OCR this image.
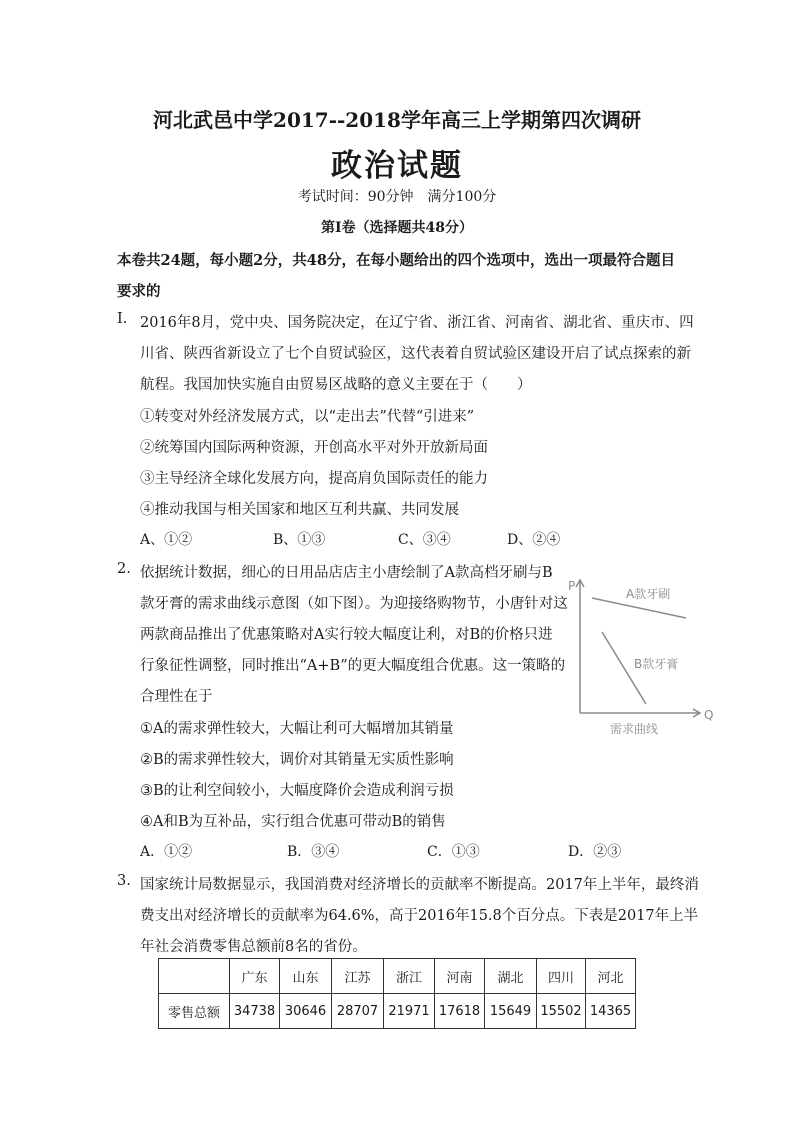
河北武邑中学2017--2018学年高三上学期第四次调研
政治试题
考试时间：90分钟　满分100分
第Ⅰ卷（选择题共48分）
本卷共24题，每小题2分，共48分，在每小题给出的四个选项中，选出一项最符合题目
要求的
Ⅰ. 2016年8月，党中央、国务院决定，在辽宁省、浙江省、河南省、湖北省、重庆市、四
川省、陕西省新设立了七个自贸试验区，这代表着自贸试验区建设开启了试点探索的新
航程。我国加快实施自由贸易区战略的意义主要在于（　　）
①转变对外经济发展方式，以“走出去”代替“引进来”
②统筹国内国际两种资源，开创高水平对外开放新局面
③主导经济全球化发展方向，提高肩负国际责任的能力
④推动我国与相关国家和地区互利共赢、共同发展
A、①②	B、①③	C、③④	D、②④
2. 依据统计数据，细心的日用品店店主小唐绘制了A款高档牙刷与B
款牙膏的需求曲线示意图（如下图）。为迎接络购物节，小唐针对这
两款商品推出了优惠策略对A实行较大幅度让利，对B的价格只进
行象征性调整，同时推出“A+B”的更大幅度组合优惠。这一策略的
合理性在于
①A的需求弹性较大，大幅让利可大幅增加其销量
②B的需求弹性较大，调价对其销量无实质性影响
③B的让利空间较小，大幅度降价会造成利润亏损
④A和B为互补品，实行组合优惠可带动B的销售
A．①②	B．③④	C．①③	D．②③
P
Q
A款牙刷
B款牙膏
需求曲线
3. 国家统计局数据显示，我国消费对经济增长的贡献率不断提高。2017年上半年，最终消
费支出对经济增长的贡献率为64.6%，高于2016年15.8个百分点。下表是2017年上半
年社会消费零售总额前8名的省份。
	广东	山东	江苏	浙江	河南	湖北	四川	河北
零售总额	34738	30646	28707	21971	17618	15649	15502	14365
